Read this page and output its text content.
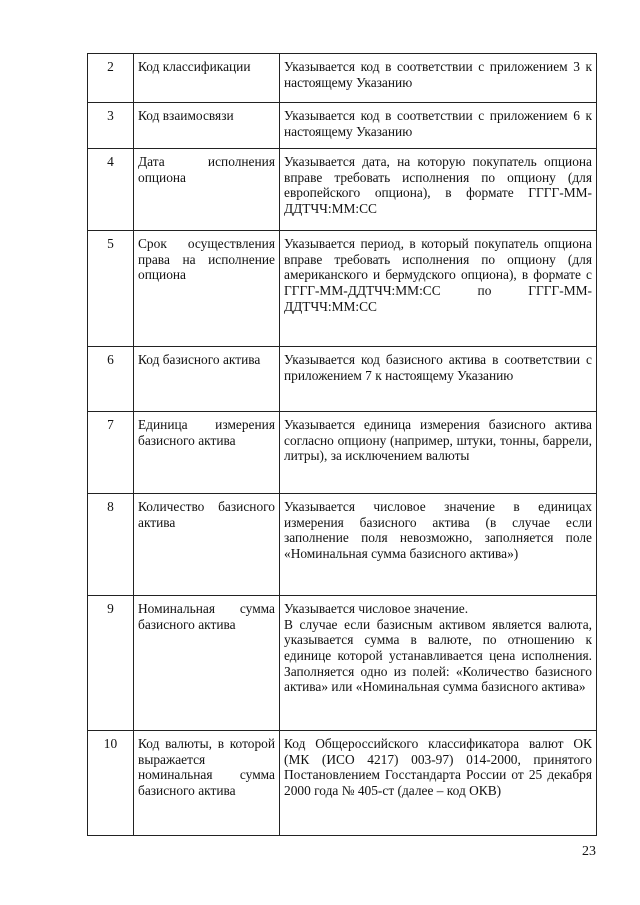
2	Код классификации	Указывается код в соответствии с приложением 3 к настоящему Указанию
3	Код взаимосвязи	Указывается код в соответствии с приложением 6 к настоящему Указанию
4	Дата исполнения опциона	Указывается дата, на которую покупатель опциона вправе требовать исполнения по опциону (для европейского опциона), в формате ГГГГ-ММ-ДДТЧЧ:ММ:СС
5	Срок осуществления права на исполнение опциона	Указывается период, в который покупатель опциона вправе требовать исполнения по опциону (для американского и бермудского опциона), в формате с ГГГГ-ММ-ДДТЧЧ:ММ:СС по ГГГГ-ММ-ДДТЧЧ:ММ:СС
6	Код базисного актива	Указывается код базисного актива в соответствии с приложением 7 к настоящему Указанию
7	Единица измерения базисного актива	Указывается единица измерения базисного актива согласно опциону (например, штуки, тонны, баррели, литры), за исключением валюты
8	Количество базисного актива	Указывается числовое значение в единицах измерения базисного актива (в случае если заполнение поля невозможно, заполняется поле «Номинальная сумма базисного актива»)
9	Номинальная сумма базисного актива	Указывается числовое значение.
В случае если базисным активом является валюта, указывается сумма в валюте, по отношению к единице которой устанавливается цена исполнения. Заполняется одно из полей: «Количество базисного актива» или «Номинальная сумма базисного актива»
10	Код валюты, в которой выражается номинальная сумма базисного актива	Код Общероссийского классификатора валют ОК (МК (ИСО 4217) 003-97) 014-2000, принятого Постановлением Госстандарта России от 25 декабря 2000 года № 405-ст (далее – код ОКВ)
23
